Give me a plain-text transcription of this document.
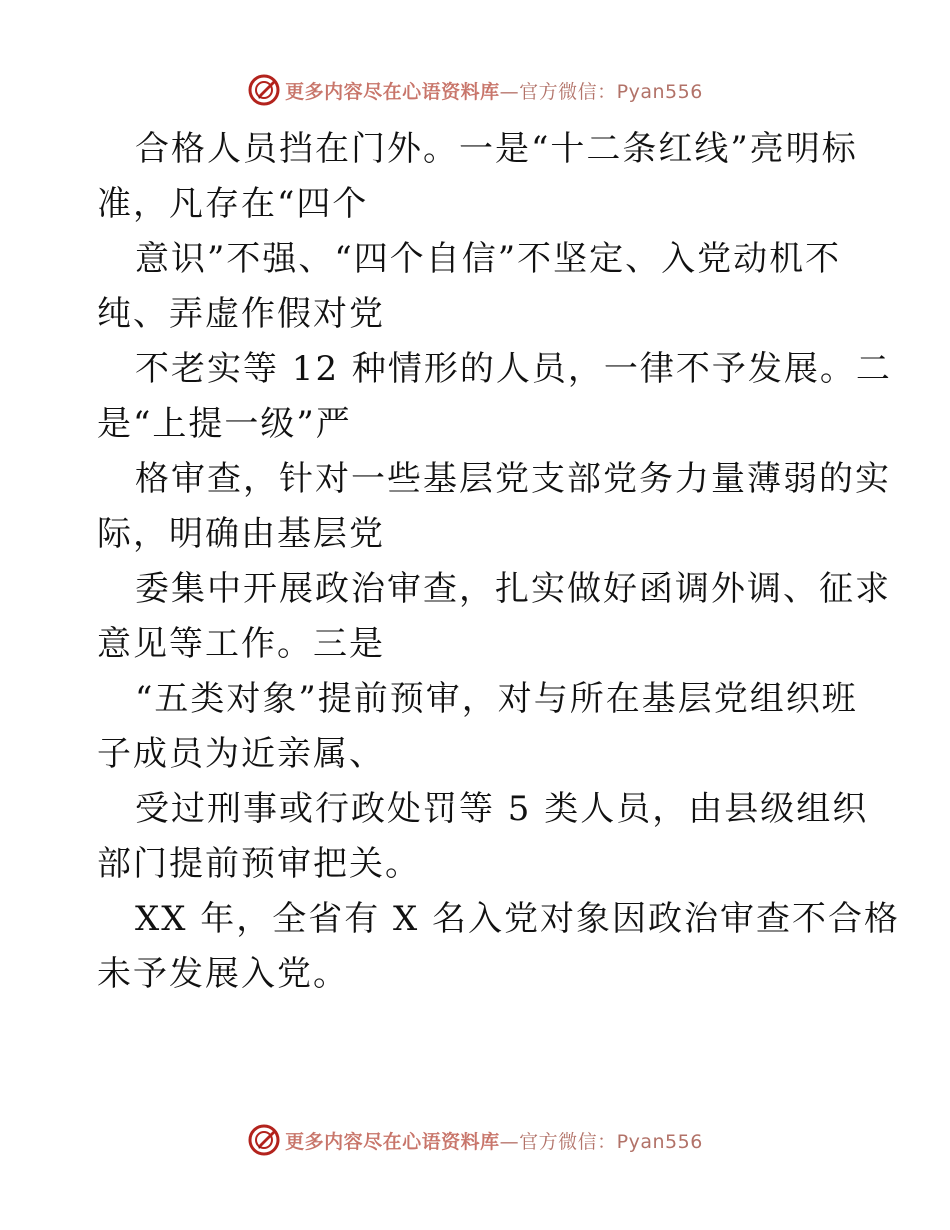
更多内容尽在心语资料库—官方微信：Pyan556
合格人员挡在门外。一是“十二条红线”亮明标
准，凡存在“四个
意识”不强、“四个自信”不坚定、入党动机不
纯、弄虚作假对党
不老实等 12 种情形的人员，一律不予发展。二
是“上提一级”严
格审查，针对一些基层党支部党务力量薄弱的实
际，明确由基层党
委集中开展政治审查，扎实做好函调外调、征求
意见等工作。三是
“五类对象”提前预审，对与所在基层党组织班
子成员为近亲属、
受过刑事或行政处罚等 5 类人员，由县级组织
部门提前预审把关。
XX 年，全省有 X 名入党对象因政治审查不合格
未予发展入党。
更多内容尽在心语资料库—官方微信：Pyan556
